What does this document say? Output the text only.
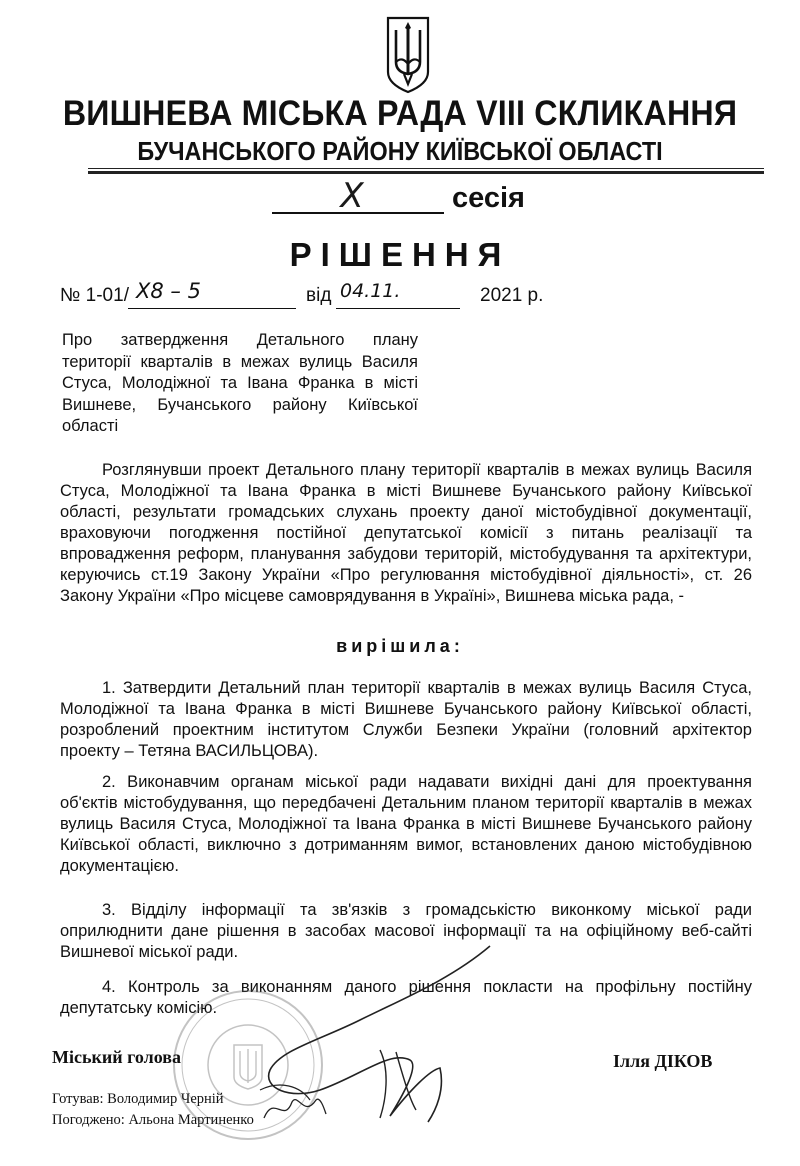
ВИШНЕВА МІСЬКА РАДА VIII СКЛИКАННЯ
БУЧАНСЬКОГО РАЙОНУ КИЇВСЬКОЇ ОБЛАСТІ
X	сесія
РІШЕННЯ
№ 1-01/ X8 – 5	від 04.11.	2021 р.
Про затвердження Детального плану території кварталів в межах вулиць Василя Стуса, Молодіжної та Івана Франка в місті Вишневе, Бучанського району Київської області
Розглянувши проект Детального плану території кварталів в межах вулиць Василя Стуса, Молодіжної та Івана Франка в місті Вишневе Бучанського району Київської області, результати громадських слухань проекту даної містобудівної документації, враховуючи погодження постійної депутатської комісії з питань реалізації та впровадження реформ, планування забудови територій, містобудування та архітектури, керуючись ст.19 Закону України «Про регулювання містобудівної діяльності», ст. 26 Закону України «Про місцеве самоврядування в Україні», Вишнева міська рада, -
вирішила:
1. Затвердити Детальний план території кварталів в межах вулиць Василя Стуса, Молодіжної та Івана Франка в місті Вишневе Бучанського району Київської області, розроблений проектним інститутом Служби Безпеки України (головний архітектор проекту – Тетяна ВАСИЛЬЦОВА).
2. Виконавчим органам міської ради надавати вихідні дані для проектування об'єктів містобудування, що передбачені Детальним планом території кварталів в межах вулиць Василя Стуса, Молодіжної та Івана Франка в місті Вишневе Бучанського району Київської області, виключно з дотриманням вимог, встановлених даною містобудівною документацією.
3. Відділу інформації та зв'язків з громадськістю виконкому міської ради оприлюднити дане рішення в засобах масової інформації та на офіційному веб-сайті Вишневої міської ради.
4. Контроль за виконанням даного рішення покласти на профільну постійну депутатську комісію.
Міський голова	Ілля ДІКОВ
Готував: Володимир Черній
Погоджено: Альона Мартиненко
